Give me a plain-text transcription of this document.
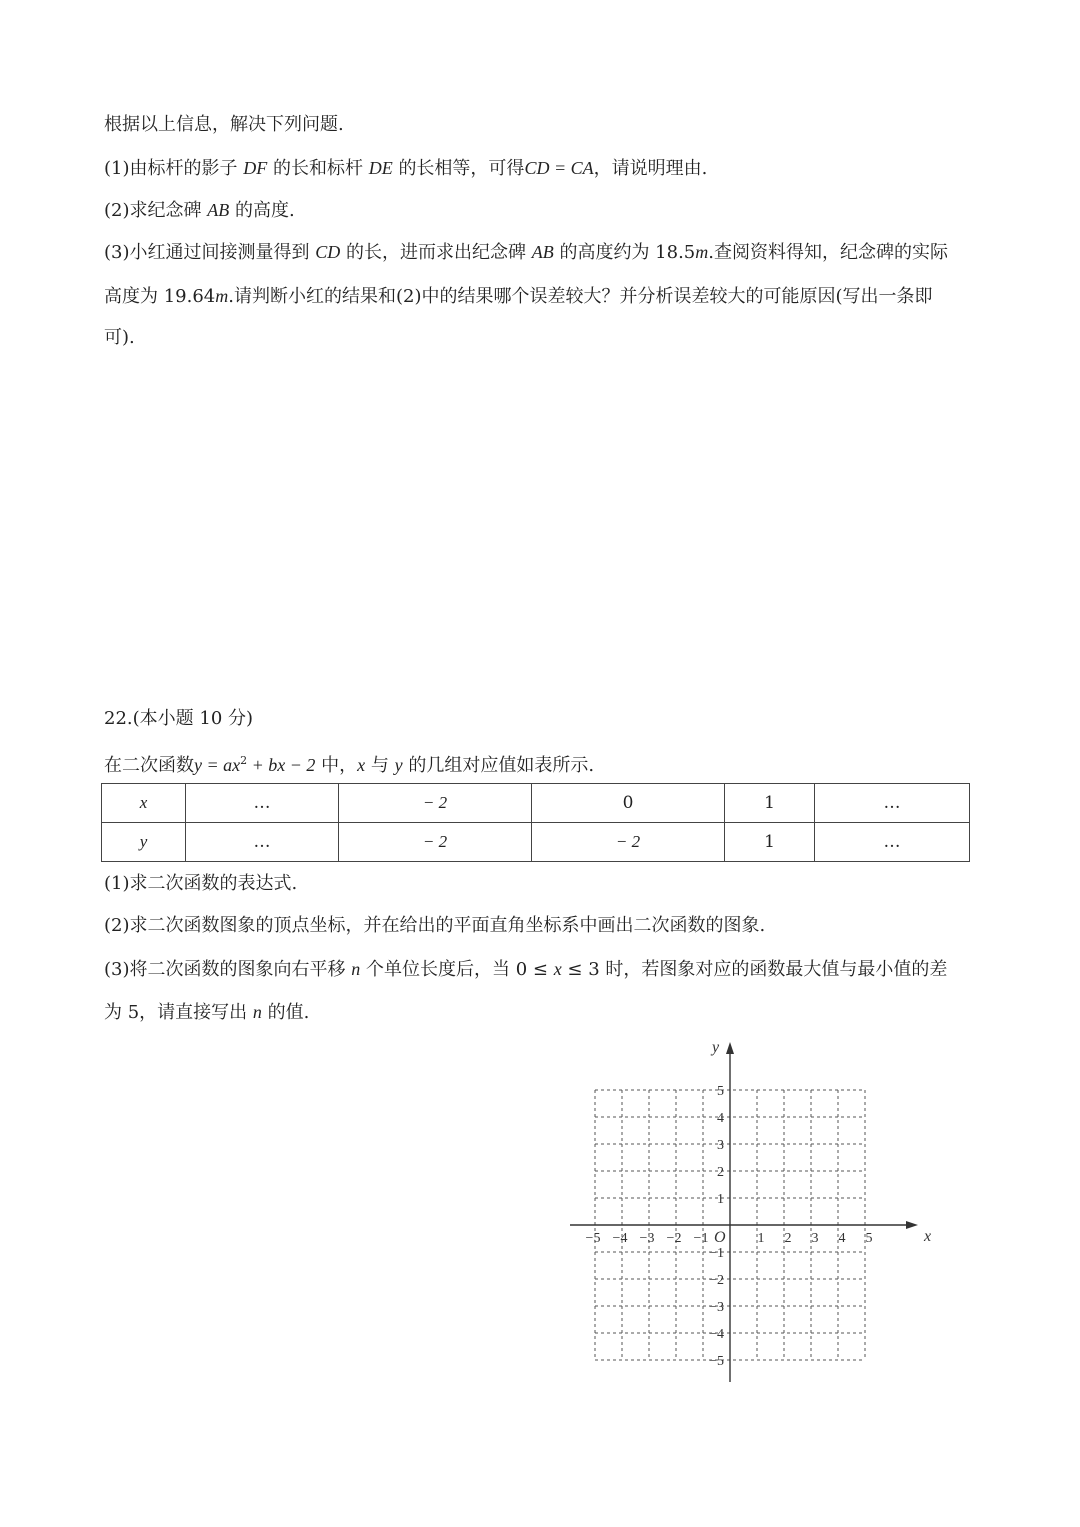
根据以上信息，解决下列问题.
(1)由标杆的影子 DF 的长和标杆 DE 的长相等，可得CD = CA，请说明理由.
(2)求纪念碑 AB 的高度.
(3)小红通过间接测量得到 CD 的长，进而求出纪念碑 AB 的高度约为 18.5m.查阅资料得知，纪念碑的实际
高度为 19.64m.请判断小红的结果和(2)中的结果哪个误差较大？并分析误差较大的可能原因(写出一条即
可).
22.(本小题 10 分)
在二次函数$y = ax^2$ + bx − 2 中，x 与 y 的几组对应值如表所示.
x	…	− 2	0	1	…
y	…	− 2	− 2	1	…
(1)求二次函数的表达式.
(2)求二次函数图象的顶点坐标，并在给出的平面直角坐标系中画出二次函数的图象.
(3)将二次函数的图象向右平移 n 个单位长度后，当 0 ≤ x ≤ 3 时，若图象对应的函数最大值与最小值的差
为 5，请直接写出 n 的值.
−5 −4 −3 −2 −1	1 2 3 4 5
5
4
3
2
1
−1
−2
−3
−4
−5
x
y
O
